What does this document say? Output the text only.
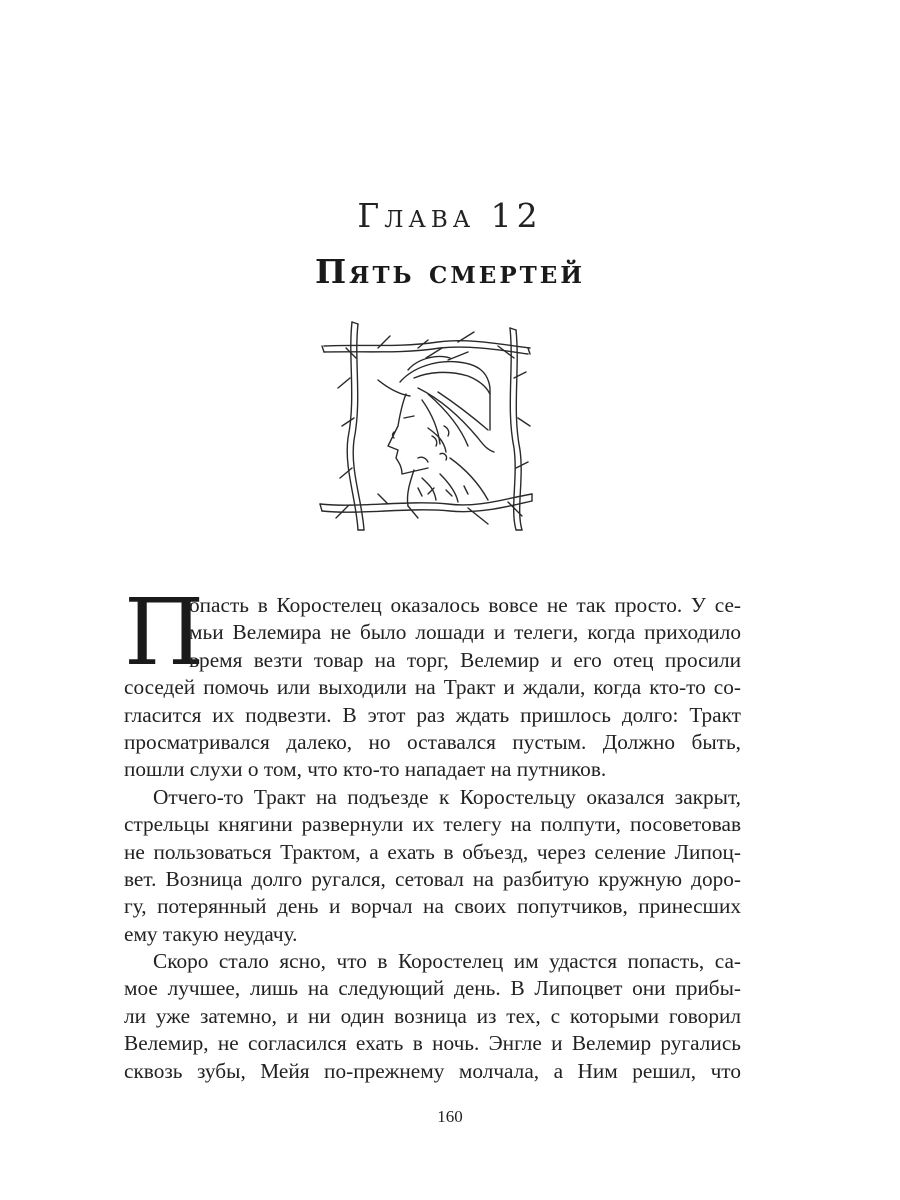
Глава 12
Пять смертей
П
опасть в Коростелец оказалось вовсе не так просто. У се-
мьи Велемира не было лошади и телеги, когда приходило
время везти товар на торг, Велемир и его отец просили
соседей помочь или выходили на Тракт и ждали, когда кто-то со-
гласится их подвезти. В этот раз ждать пришлось долго: Тракт
просматривался далеко, но оставался пустым. Должно быть,
пошли слухи о том, что кто-то нападает на путников.
Отчего-то Тракт на подъезде к Коростельцу оказался закрыт,
стрельцы княгини развернули их телегу на полпути, посоветовав
не пользоваться Трактом, а ехать в объезд, через селение Липоц-
вет. Возница долго ругался, сетовал на разбитую кружную доро-
гу, потерянный день и ворчал на своих попутчиков, принесших
ему такую неудачу.
Скоро стало ясно, что в Коростелец им удастся попасть, са-
мое лучшее, лишь на следующий день. В Липоцвет они прибы-
ли уже затемно, и ни один возница из тех, с которыми говорил
Велемир, не согласился ехать в ночь. Энгле и Велемир ругались
сквозь зубы, Мейя по-прежнему молчала, а Ним решил, что
160
